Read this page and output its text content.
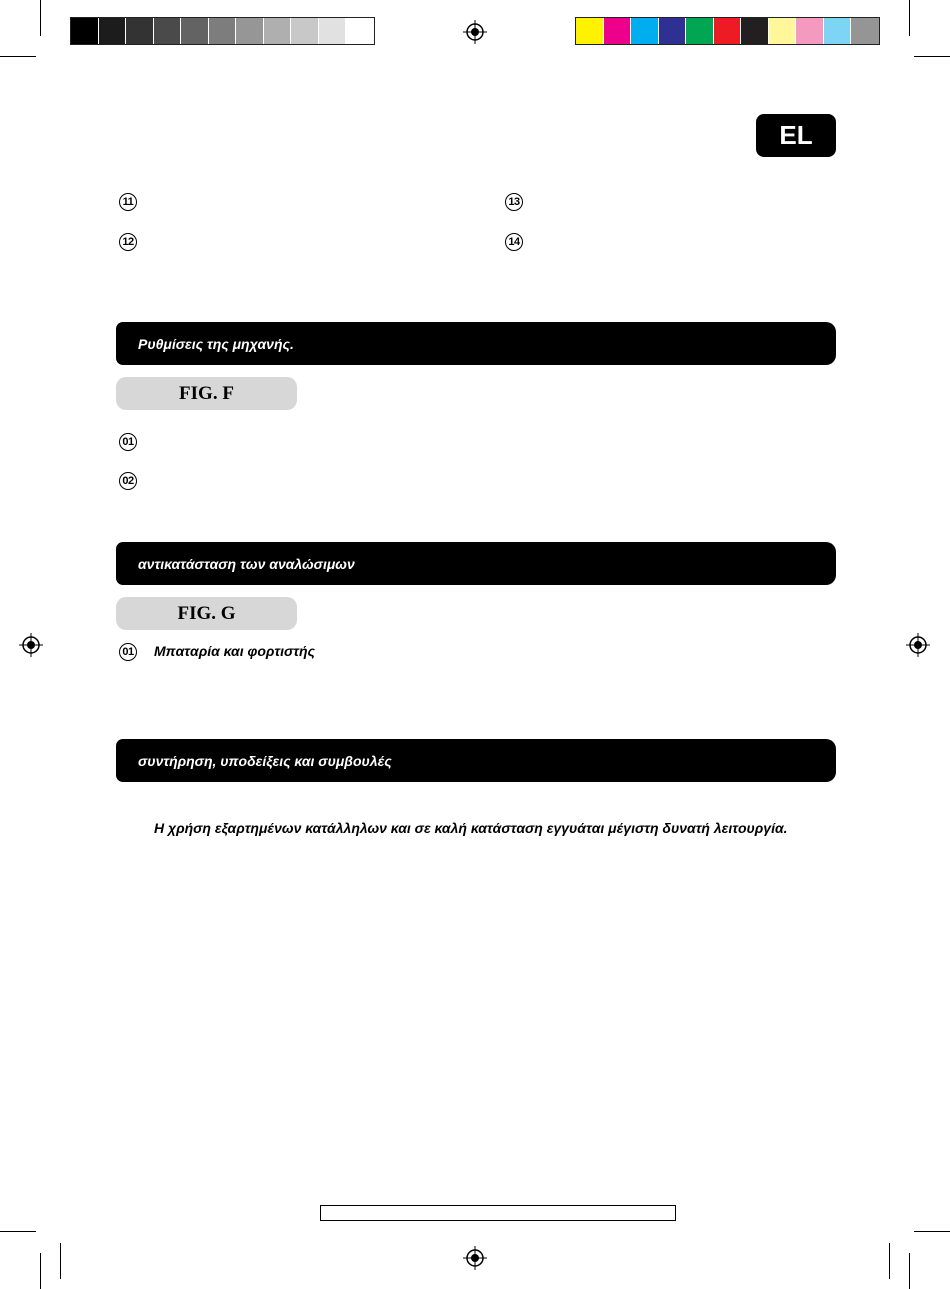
EL
11
12
13
14
Ρυθμίσεις της μηχανής.
FIG. F
01
02
αντικατάσταση των αναλώσιμων
FIG. G
01 Μπαταρία και φορτιστής
συντήρηση, υποδείξεις και συμβουλές
Η χρήση εξαρτημένων κατάλληλων και σε καλή κατάσταση εγγυάται μέγιστη δυνατή λειτουργία.
